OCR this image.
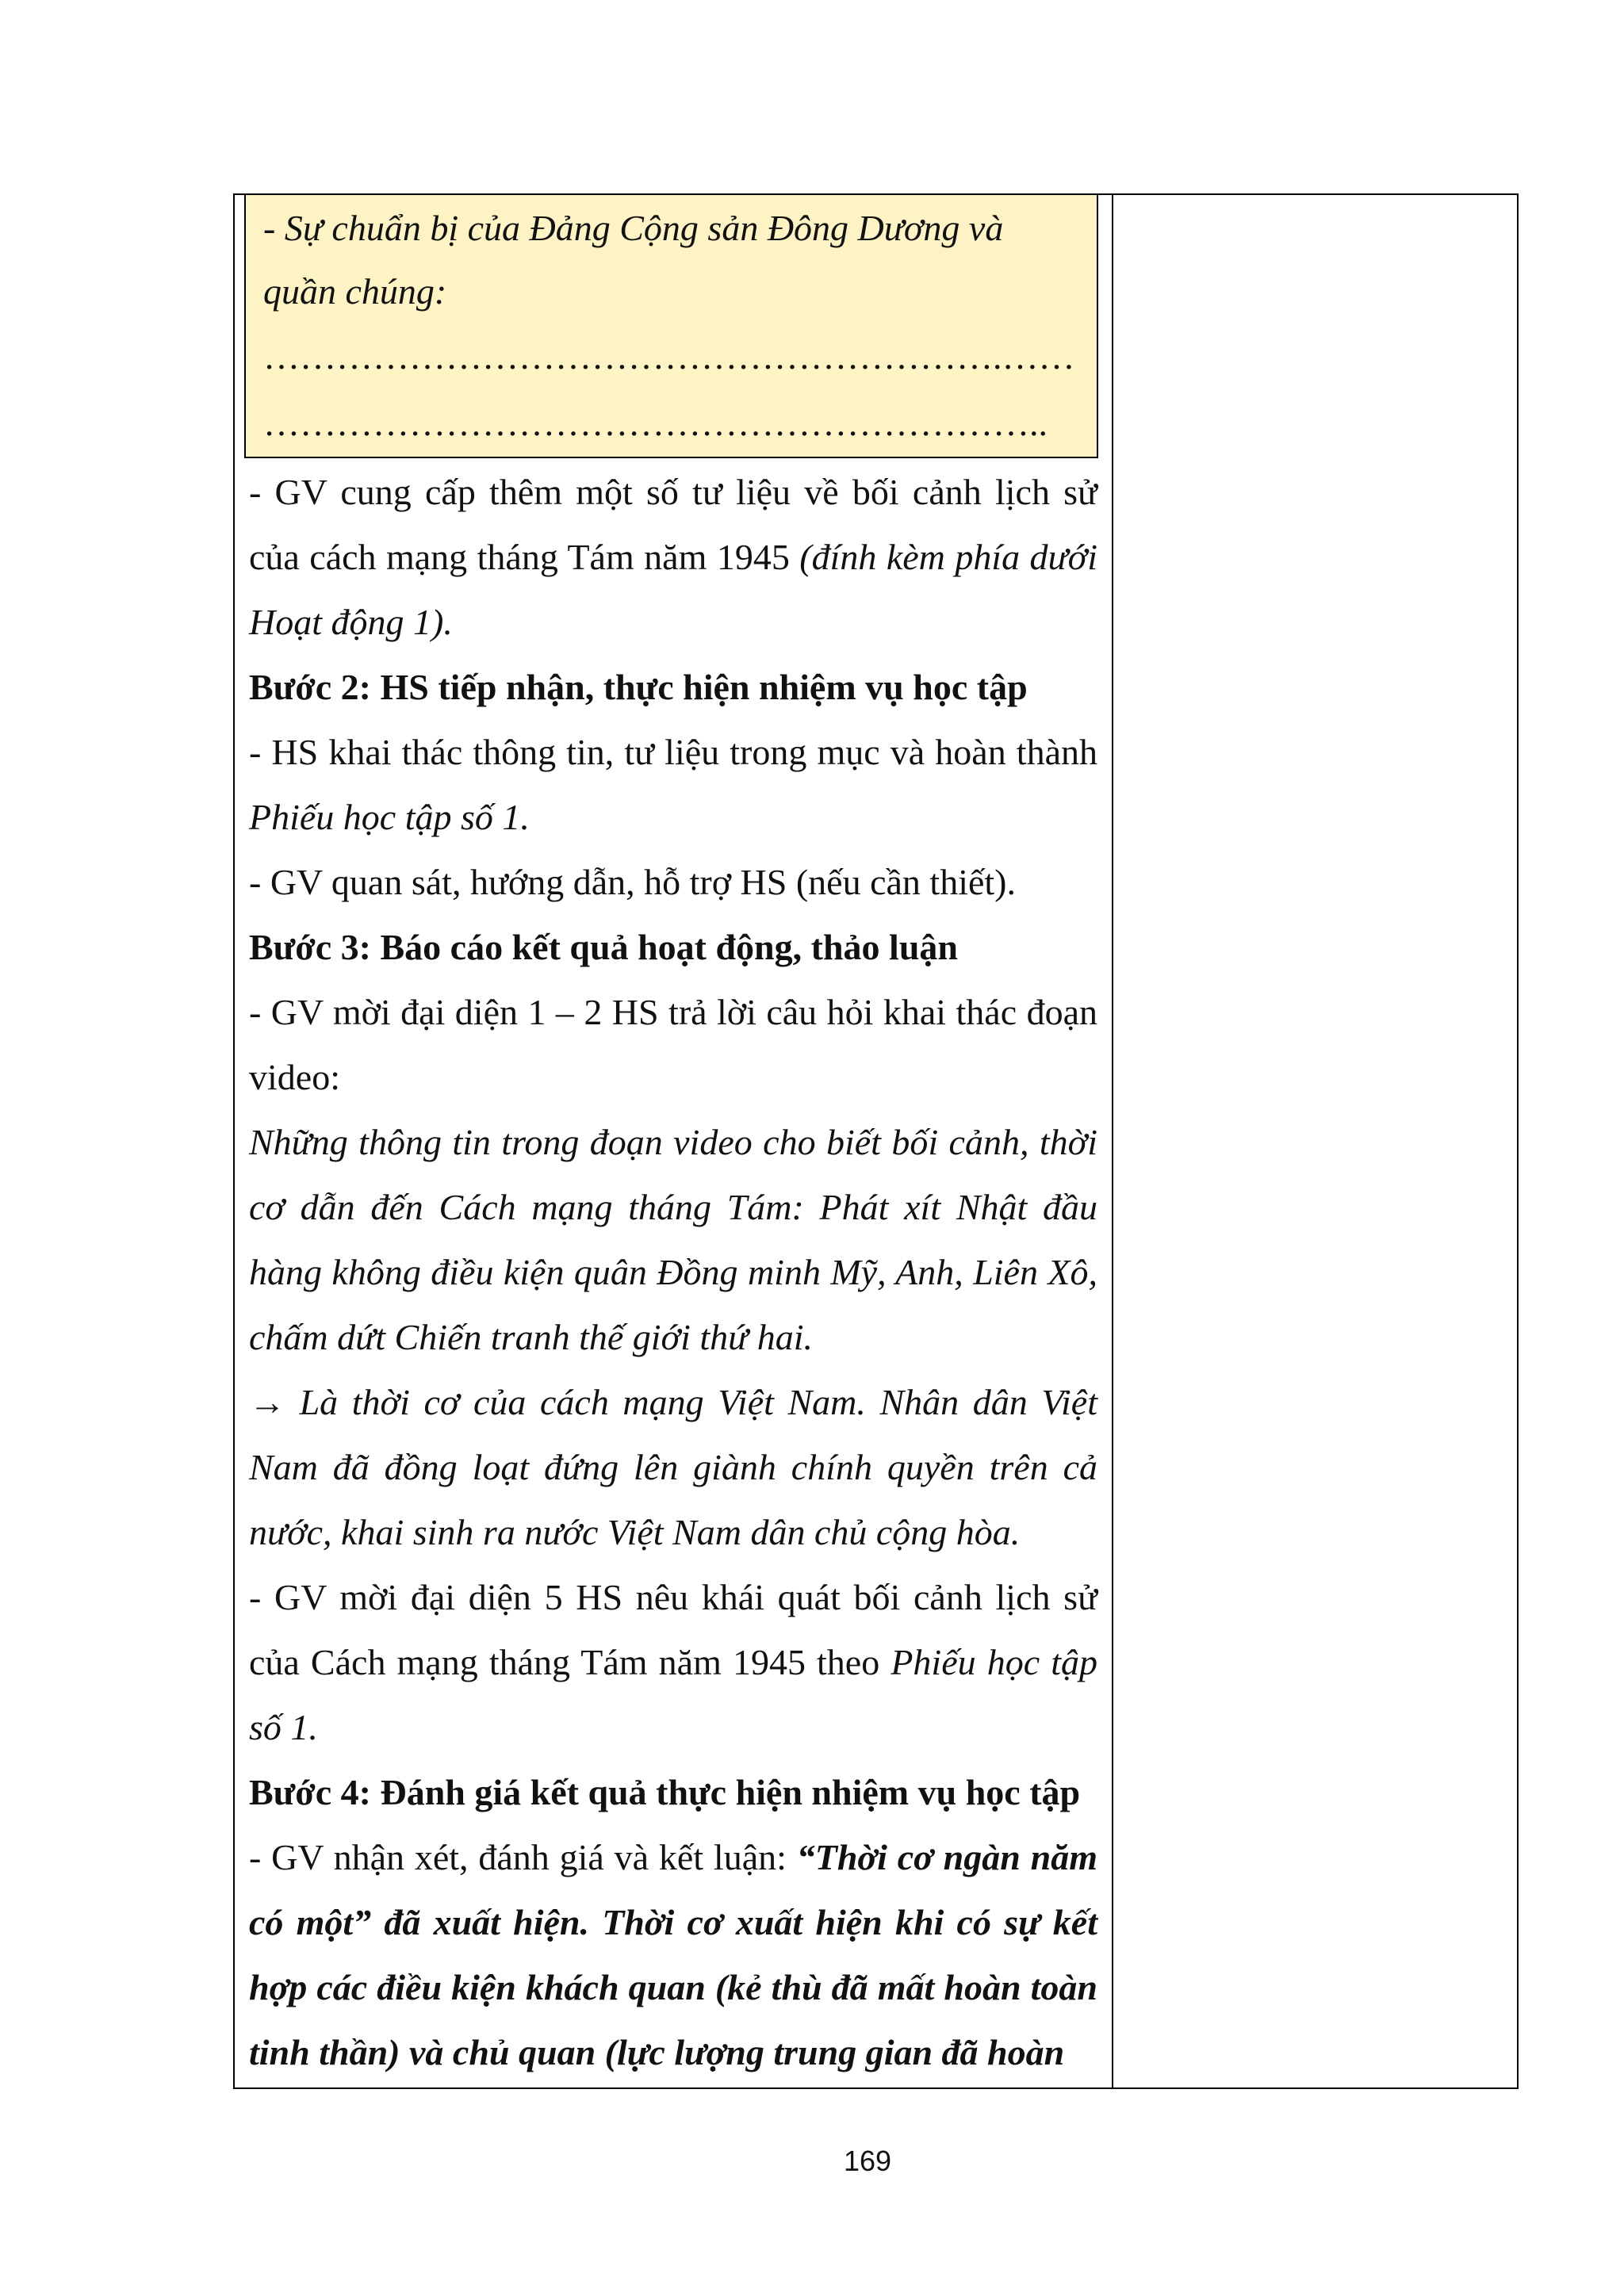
- Sự chuẩn bị của Đảng Cộng sản Đông Dương và quần chúng:
…………………………………………………….……
………………………………………………………..

- GV cung cấp thêm một số tư liệu về bối cảnh lịch sử của cách mạng tháng Tám năm 1945 (đính kèm phía dưới Hoạt động 1).

Bước 2: HS tiếp nhận, thực hiện nhiệm vụ học tập

- HS khai thác thông tin, tư liệu trong mục và hoàn thành Phiếu học tập số 1.

- GV quan sát, hướng dẫn, hỗ trợ HS (nếu cần thiết).

Bước 3: Báo cáo kết quả hoạt động, thảo luận

- GV mời đại diện 1 – 2 HS trả lời câu hỏi khai thác đoạn video:

Những thông tin trong đoạn video cho biết bối cảnh, thời cơ dẫn đến Cách mạng tháng Tám: Phát xít Nhật đầu hàng không điều kiện quân Đồng minh Mỹ, Anh, Liên Xô, chấm dứt Chiến tranh thế giới thứ hai.

→ Là thời cơ của cách mạng Việt Nam. Nhân dân Việt Nam đã đồng loạt đứng lên giành chính quyền trên cả nước, khai sinh ra nước Việt Nam dân chủ cộng hòa.

- GV mời đại diện 5 HS nêu khái quát bối cảnh lịch sử của Cách mạng tháng Tám năm 1945 theo Phiếu học tập số 1.

Bước 4: Đánh giá kết quả thực hiện nhiệm vụ học tập

- GV nhận xét, đánh giá và kết luận: “Thời cơ ngàn năm có một” đã xuất hiện. Thời cơ xuất hiện khi có sự kết hợp các điều kiện khách quan (kẻ thù đã mất hoàn toàn tinh thần) và chủ quan (lực lượng trung gian đã hoàn

169
